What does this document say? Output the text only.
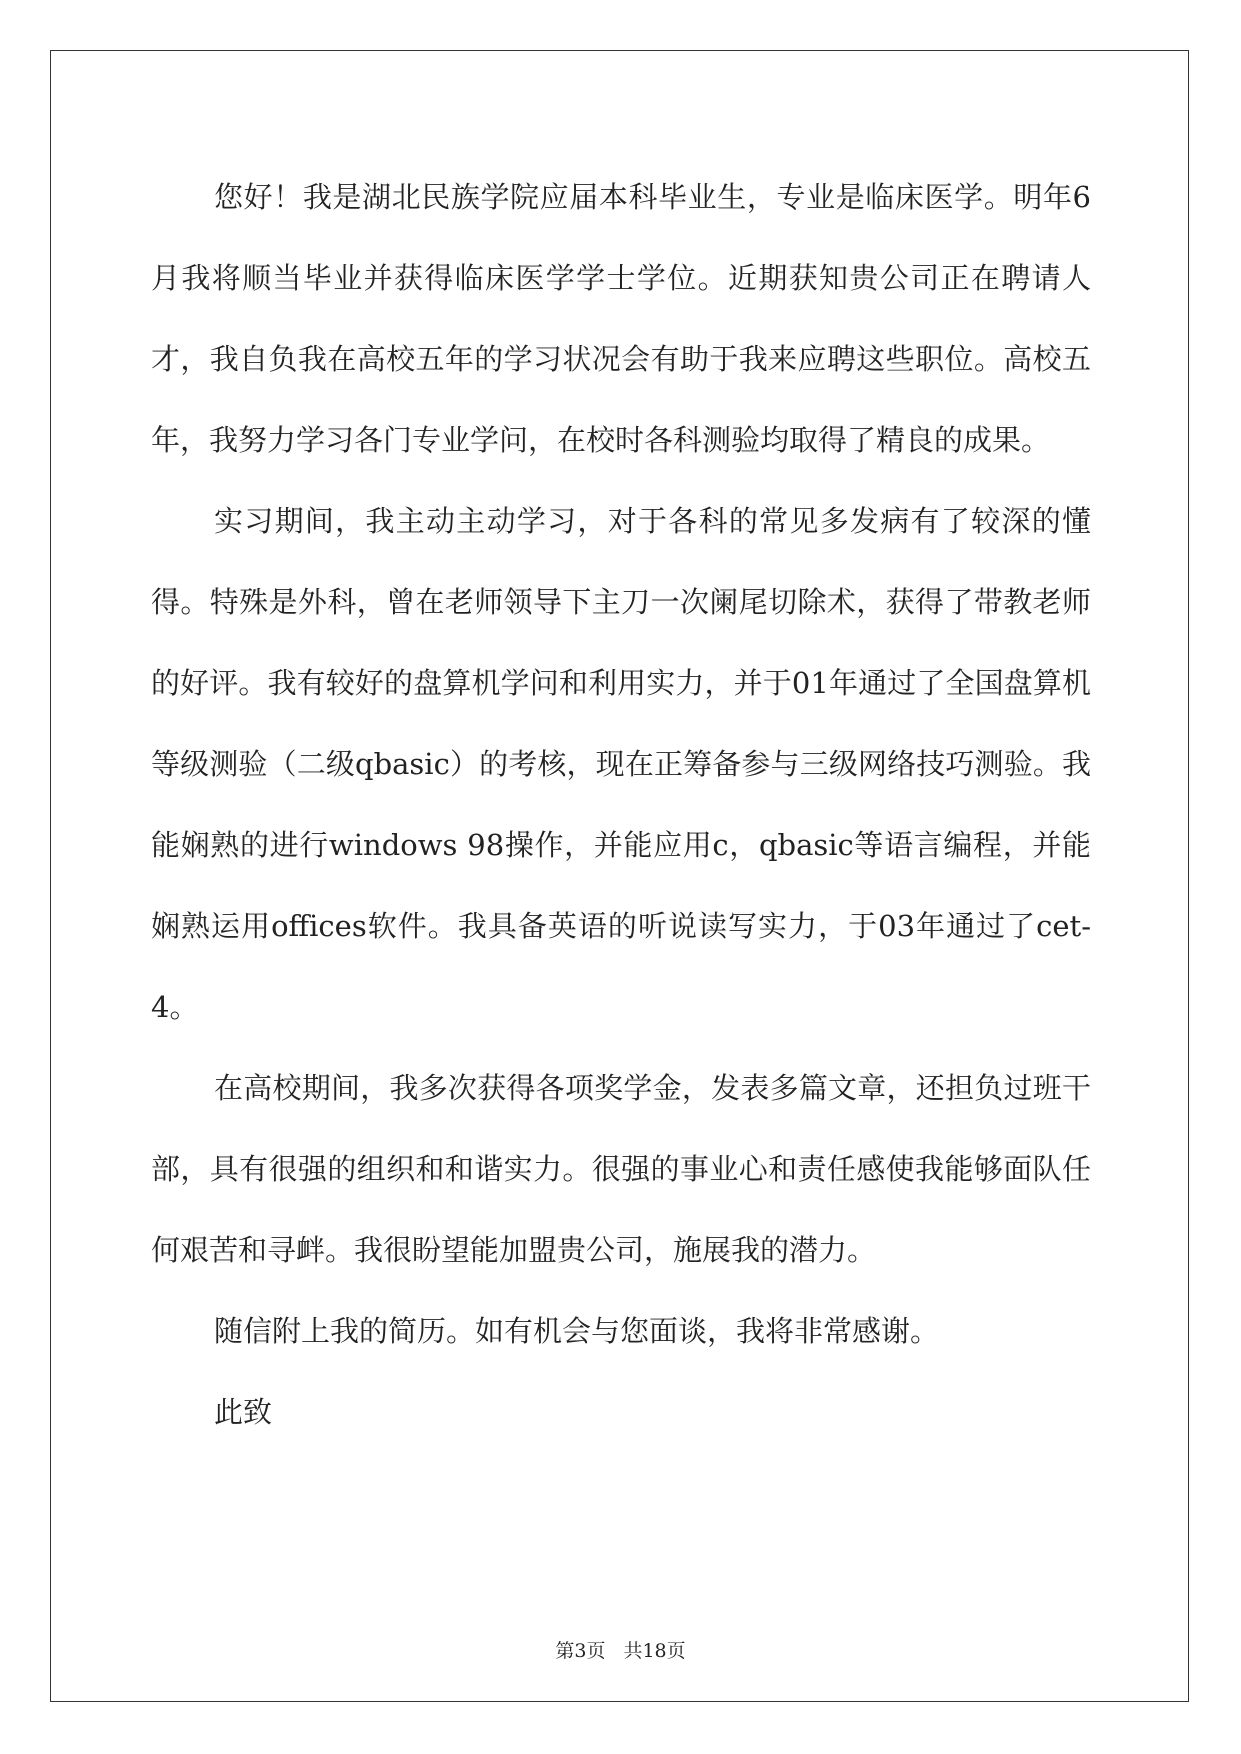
您好！我是湖北民族学院应届本科毕业生，专业是临床医学。明年6月我将顺当毕业并获得临床医学学士学位。近期获知贵公司正在聘请人才，我自负我在高校五年的学习状况会有助于我来应聘这些职位。高校五年，我努力学习各门专业学问，在校时各科测验均取得了精良的成果。

实习期间，我主动主动学习，对于各科的常见多发病有了较深的懂得。特殊是外科，曾在老师领导下主刀一次阑尾切除术，获得了带教老师的好评。我有较好的盘算机学问和利用实力，并于01年通过了全国盘算机等级测验（二级qbasic）的考核，现在正筹备参与三级网络技巧测验。我能娴熟的进行windows 98操作，并能应用c，qbasic等语言编程，并能娴熟运用offices软件。我具备英语的听说读写实力，于03年通过了cet-4。

在高校期间，我多次获得各项奖学金，发表多篇文章，还担负过班干部，具有很强的组织和和谐实力。很强的事业心和责任感使我能够面队任何艰苦和寻衅。我很盼望能加盟贵公司，施展我的潜力。

随信附上我的简历。如有机会与您面谈，我将非常感谢。

此致

第3页 共18页
